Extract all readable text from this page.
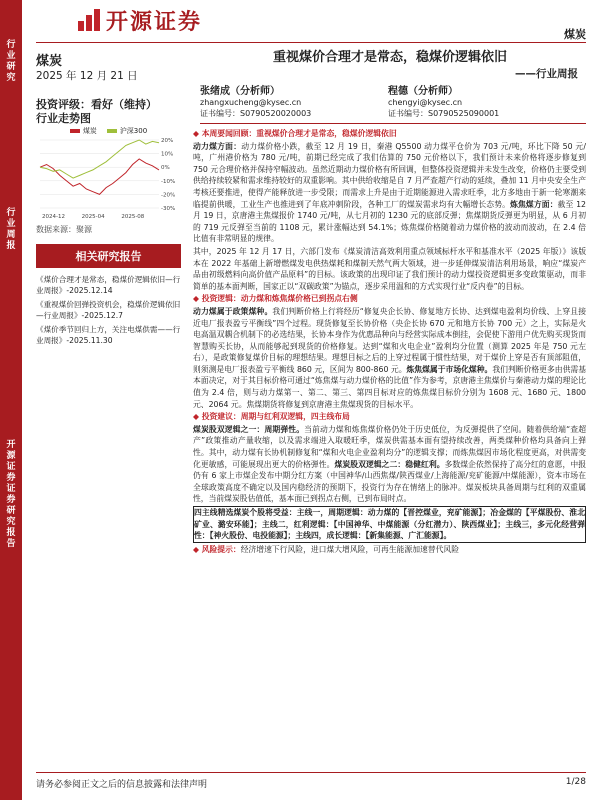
行
业
研
究
行
业
周
报
开
源
证
券
证
券
研
究
报
告
开源证券	煤炭
煤炭
2025 年 12 月 21 日
投资评级：看好（维持）
行业走势图
煤炭	沪深300
20%
10%
0%
-10%
-20%
-30%
2024-12	2025-04	2025-08
数据来源：聚源
相关研究报告
《煤价合理才是常态，稳煤价逻辑依旧—行业周报》-2025.12.14
《重视煤价回弹投资机会，稳煤价逻辑依旧—行业周报》-2025.12.7
《煤价季节回归上方，关注电煤供需——行业周报》-2025.11.30
重视煤价合理才是常态，稳煤价逻辑依旧
——行业周报
张绪成（分析师）
zhangxucheng@kysec.cn
证书编号：S0790520020003
程德（分析师）
chengyi@kysec.cn
证书编号：S0790525090001

◆ 本周要闻回顾：重视煤价合理才是常态，稳煤价逻辑依旧

动力煤方面：动力煤价格小跌，截至 12 月 19 日，秦港 Q5500 动力煤平仓价为 703 元/吨，环比下降 50 元/吨，广州港价格为 780 元/吨，前期已经完成了我们估算的 750 元价格以下，我们预计未来价格将逐步修复到 750 元合理价格并保持窄幅波动。虽然近期动力煤价格有所回调，但整体投资逻辑并未发生改变，价格仍主要受到供给持续较紧和需求维持较好的双重影响。其中供给收缩是自 7 月严查超产行动的延续，叠加 11 月中央安全生产考核还要推进，使得产能释放进一步受限；而需求上升是由于近期能源进入需求旺季，北方多地由于新一轮寒潮来临提前供暖，工业生产也推进到了年底冲刺阶段，各种工厂的煤炭需求均有大幅增长态势。炼焦煤方面：截至 12 月 19 日，京唐港主焦煤报价 1740 元/吨，从七月初的 1230 元的底部反弹；焦煤期货反弹更为明显，从 6 月初的 719 元反弹至当前的 1108 元，累计涨幅达到 54.1%；炼焦煤价格随着动力煤价格的波动而波动，在 2.4 倍比值有非常明显的规律。

其中，2025 年 12 月 17 日，六部门发布《煤炭清洁高效利用重点领域标杆水平和基准水平（2025 年版）》该版本在 2022 年基础上新增燃煤发电供热煤耗和煤制天然气两大领域，进一步延伸煤炭清洁利用场景，响应“煤炭产品由初级燃料向高价值产品原料”的目标。该政策的出现印证了我们预计的动力煤投资逻辑更多变政策驱动，而非简单的基本面判断，国家正以“双碳政策”为锚点，逐步采用温和的方式实现行业“反内卷”的目标。

◆ 投资逻辑：动力煤和炼焦煤价格已到拐点右侧

动力煤属于政策煤种。我们判断价格上行将经历“修复央企长协、修复地方长协、达到煤电盈利均价线、上穿且接近电厂报表盈亏平衡线”四个过程。现货修复至长协价格（央企长协 670 元和地方长协 700 元）之上，实际是火电高温双耦合机制下的必选结果，长协本身作为优惠品种向与经营实际成本倒挂，会促使下游用户优先购买现货而智慧购买长协，从而能够起到现货的价格修复。达到“煤和火电企业”盈利均分位置（测算 2025 年是 750 元左右），是政策修复煤价目标的理想结果。理想目标之后的上穿过程属于惯性结果，对于煤价上穿是否有顶部阻值，则须测是电厂报表盈亏平衡线 860 元，区间为 800-860 元。炼焦煤属于市场化煤种。我们判断价格更多由供需基本面决定，对于其目标价格可通过“炼焦煤与动力煤价格的比值”作为参考，京唐港主焦煤价与秦港动力煤的理论比值为 2.4 倍，则与动力煤第一、第二、第三、第四目标对应的炼焦煤目标价分别为 1608 元、1680 元、1800 元、2064 元。焦煤期货将修复到京唐港主焦煤现货的目标水平。

◆ 投资建议：周期与红利双逻辑，四主线布局

煤炭股双逻辑之一：周期弹性。当前动力煤和炼焦煤价格仍处于历史低位，为反弹提供了空间。随着供给端“查超产”政策推动产量收缩，以及需求端进入取暖旺季，煤炭供需基本面有望持续改善，两类煤种价格均具备向上弹性。其中，动力煤有长协机制修复和“煤和火电企业盈利均分”的逻辑支撑；而炼焦煤因市场化程度更高，对供需变化更敏感，可能展现出更大的价格弹性。煤炭股双逻辑之二：稳健红利。多数煤企依然保持了高分红的意愿，中报仍有 6 家上市煤企发布中期分红方案（中国神华/山西焦煤/陕西煤业/上海能源/兖矿能源/中煤能源），资本市场在全球政策高度不确定以及国内稳经济的预期下，投资行为存在情绪上的脉冲。煤炭板块具备周期与红利的双重属性，当前煤炭股估值低，基本面已到拐点右侧，已到布局时点。

四主线精选煤炭个股将受益：主线一，周期逻辑：动力煤的【晋控煤业，兖矿能源】；冶金煤的【平煤股份、淮北矿业、潞安环能】；主线二，红利逻辑：【中国神华、中煤能源（分红潜力）、陕西煤业】；主线三，多元化经营弹性：【神火股份、电投能源】；主线四，成长逻辑：【新集能源、广汇能源】。

◆ 风险提示：经济增速下行风险，进口煤大增风险，可再生能源加速替代风险

请务必参阅正文之后的信息披露和法律声明	1/28
